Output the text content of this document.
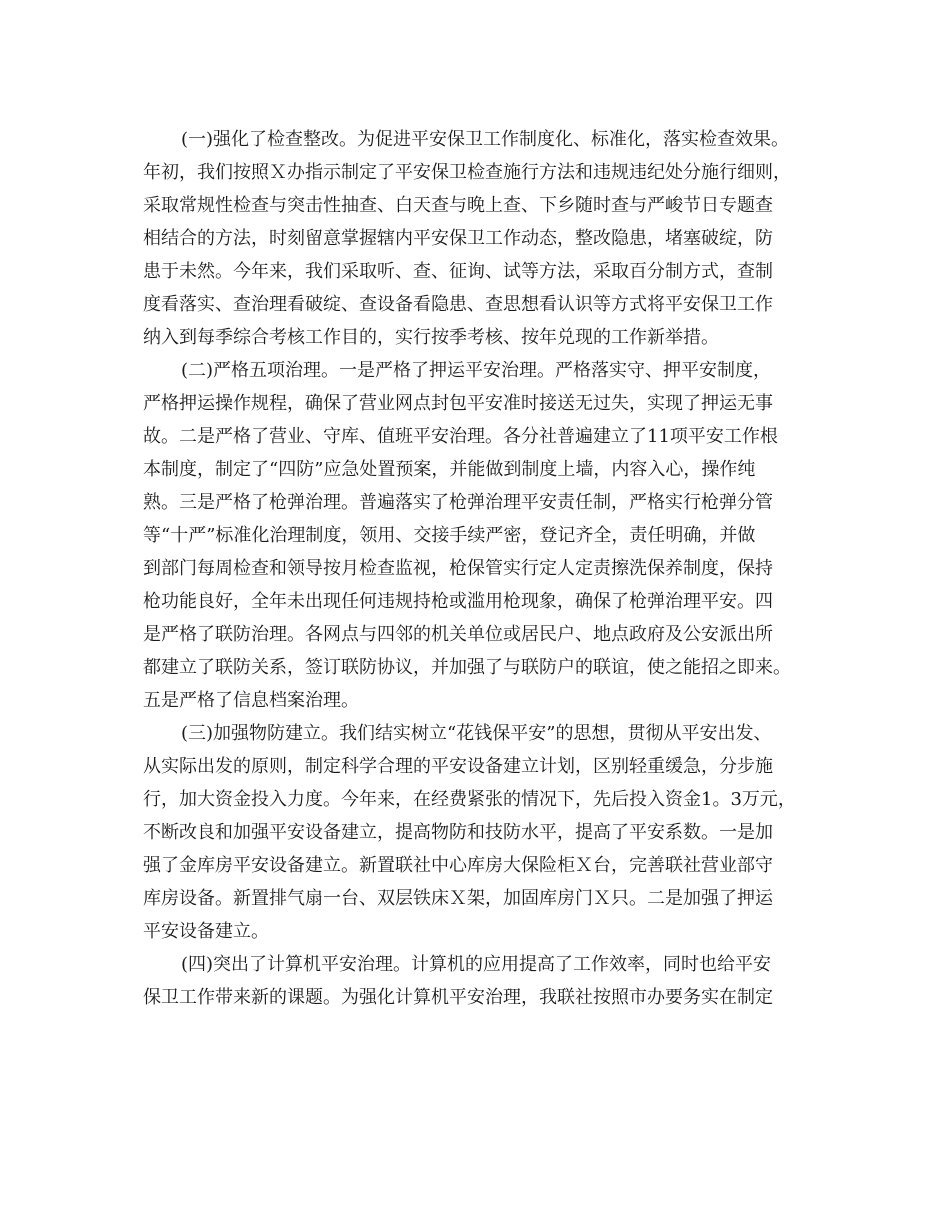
(一)强化了检查整改。为促进平安保卫工作制度化、标准化，落实检查效果。
年初，我们按照Ｘ办指示制定了平安保卫检查施行方法和违规违纪处分施行细则，
采取常规性检查与突击性抽查、白天查与晚上查、下乡随时查与严峻节日专题查
相结合的方法，时刻留意掌握辖内平安保卫工作动态，整改隐患，堵塞破绽，防
患于未然。今年来，我们采取听、查、征询、试等方法，采取百分制方式，查制
度看落实、查治理看破绽、查设备看隐患、查思想看认识等方式将平安保卫工作
纳入到每季综合考核工作目的，实行按季考核、按年兑现的工作新举措。
(二)严格五项治理。一是严格了押运平安治理。严格落实守、押平安制度，
严格押运操作规程，确保了营业网点封包平安准时接送无过失，实现了押运无事
故。二是严格了营业、守库、值班平安治理。各分社普遍建立了11项平安工作根
本制度，制定了“四防”应急处置预案，并能做到制度上墙，内容入心，操作纯
熟。三是严格了枪弹治理。普遍落实了枪弹治理平安责任制，严格实行枪弹分管
等“十严”标准化治理制度，领用、交接手续严密，登记齐全，责任明确，并做
到部门每周检查和领导按月检查监视，枪保管实行定人定责擦洗保养制度，保持
枪功能良好，全年未出现任何违规持枪或滥用枪现象，确保了枪弹治理平安。四
是严格了联防治理。各网点与四邻的机关单位或居民户、地点政府及公安派出所
都建立了联防关系，签订联防协议，并加强了与联防户的联谊，使之能招之即来。
五是严格了信息档案治理。
(三)加强物防建立。我们结实树立“花钱保平安”的思想，贯彻从平安出发、
从实际出发的原则，制定科学合理的平安设备建立计划，区别轻重缓急，分步施
行，加大资金投入力度。今年来，在经费紧张的情况下，先后投入资金1。3万元，
不断改良和加强平安设备建立，提高物防和技防水平，提高了平安系数。一是加
强了金库房平安设备建立。新置联社中心库房大保险柜Ｘ台，完善联社营业部守
库房设备。新置排气扇一台、双层铁床Ｘ架，加固库房门Ｘ只。二是加强了押运
平安设备建立。
(四)突出了计算机平安治理。计算机的应用提高了工作效率，同时也给平安
保卫工作带来新的课题。为强化计算机平安治理，我联社按照市办要务实在制定
